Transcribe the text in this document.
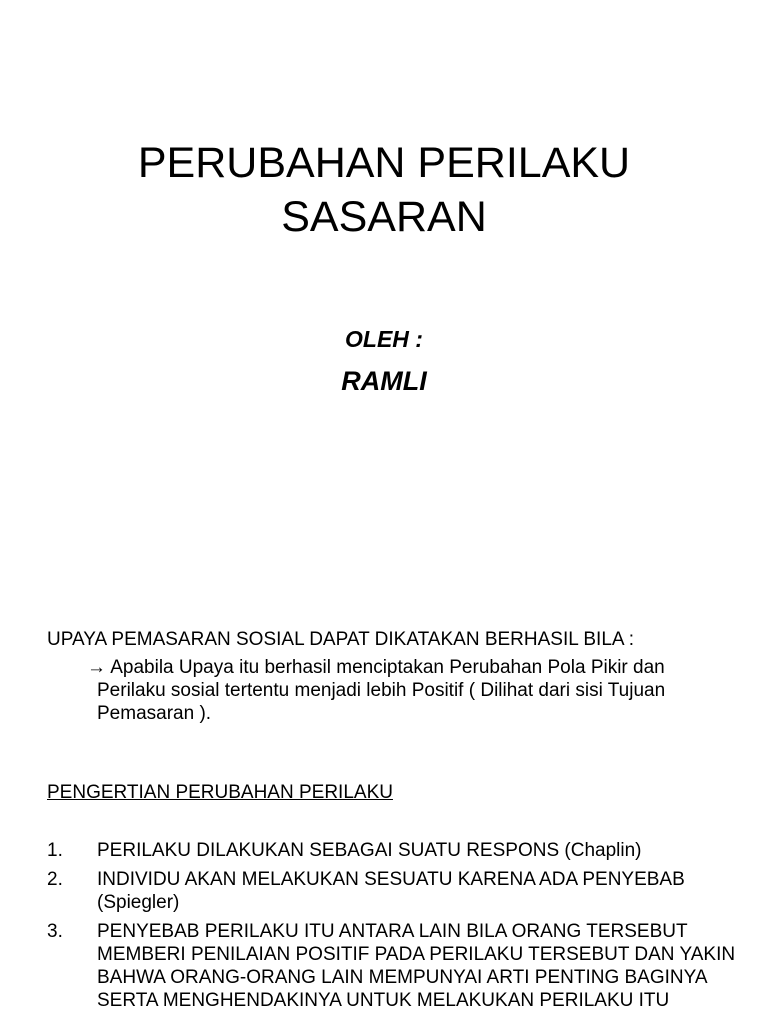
PERUBAHAN PERILAKU
SASARAN
OLEH :
RAMLI
UPAYA PEMASARAN SOSIAL DAPAT DIKATAKAN BERHASIL BILA :
→ Apabila Upaya itu berhasil menciptakan Perubahan Pola Pikir dan Perilaku sosial tertentu menjadi lebih Positif ( Dilihat dari sisi Tujuan Pemasaran ).
PENGERTIAN PERUBAHAN PERILAKU
1. PERILAKU DILAKUKAN SEBAGAI SUATU RESPONS (Chaplin)
2. INDIVIDU AKAN MELAKUKAN SESUATU KARENA ADA PENYEBAB (Spiegler)
3. PENYEBAB PERILAKU ITU ANTARA LAIN BILA ORANG TERSEBUT MEMBERI PENILAIAN POSITIF PADA PERILAKU TERSEBUT DAN YAKIN BAHWA ORANG-ORANG LAIN MEMPUNYAI ARTI PENTING BAGINYA SERTA MENGHENDAKINYA UNTUK MELAKUKAN PERILAKU ITU
